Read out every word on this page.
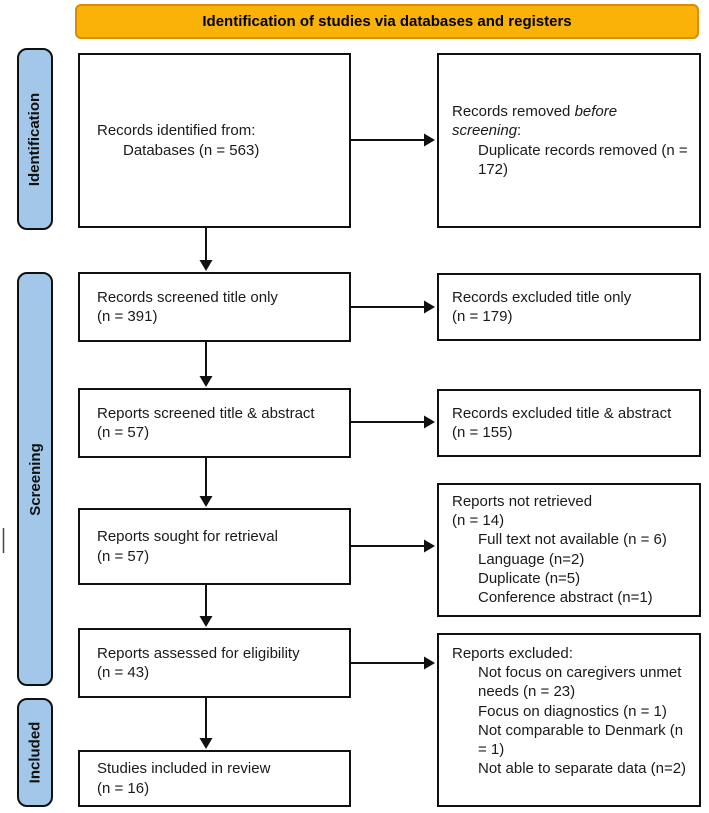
Identification of studies via databases and registers
Identification
Screening
Included
Records identified from:
Databases (n = 563)
Records screened title only
(n = 391)
Reports screened title & abstract
(n = 57)
Reports sought for retrieval
(n = 57)
Reports assessed for eligibility
(n = 43)
Studies included in review
(n = 16)
Records removed before screening:
Duplicate records removed (n = 172)
Records excluded title only
(n = 179)
Records excluded title & abstract
(n = 155)
Reports not retrieved
(n = 14)
Full text not available (n = 6)
Language (n=2)
Duplicate (n=5)
Conference abstract (n=1)
Reports excluded:
Not focus on caregivers unmet needs (n = 23)
Focus on diagnostics (n = 1)
Not comparable to Denmark (n = 1)
Not able to separate data (n=2)
